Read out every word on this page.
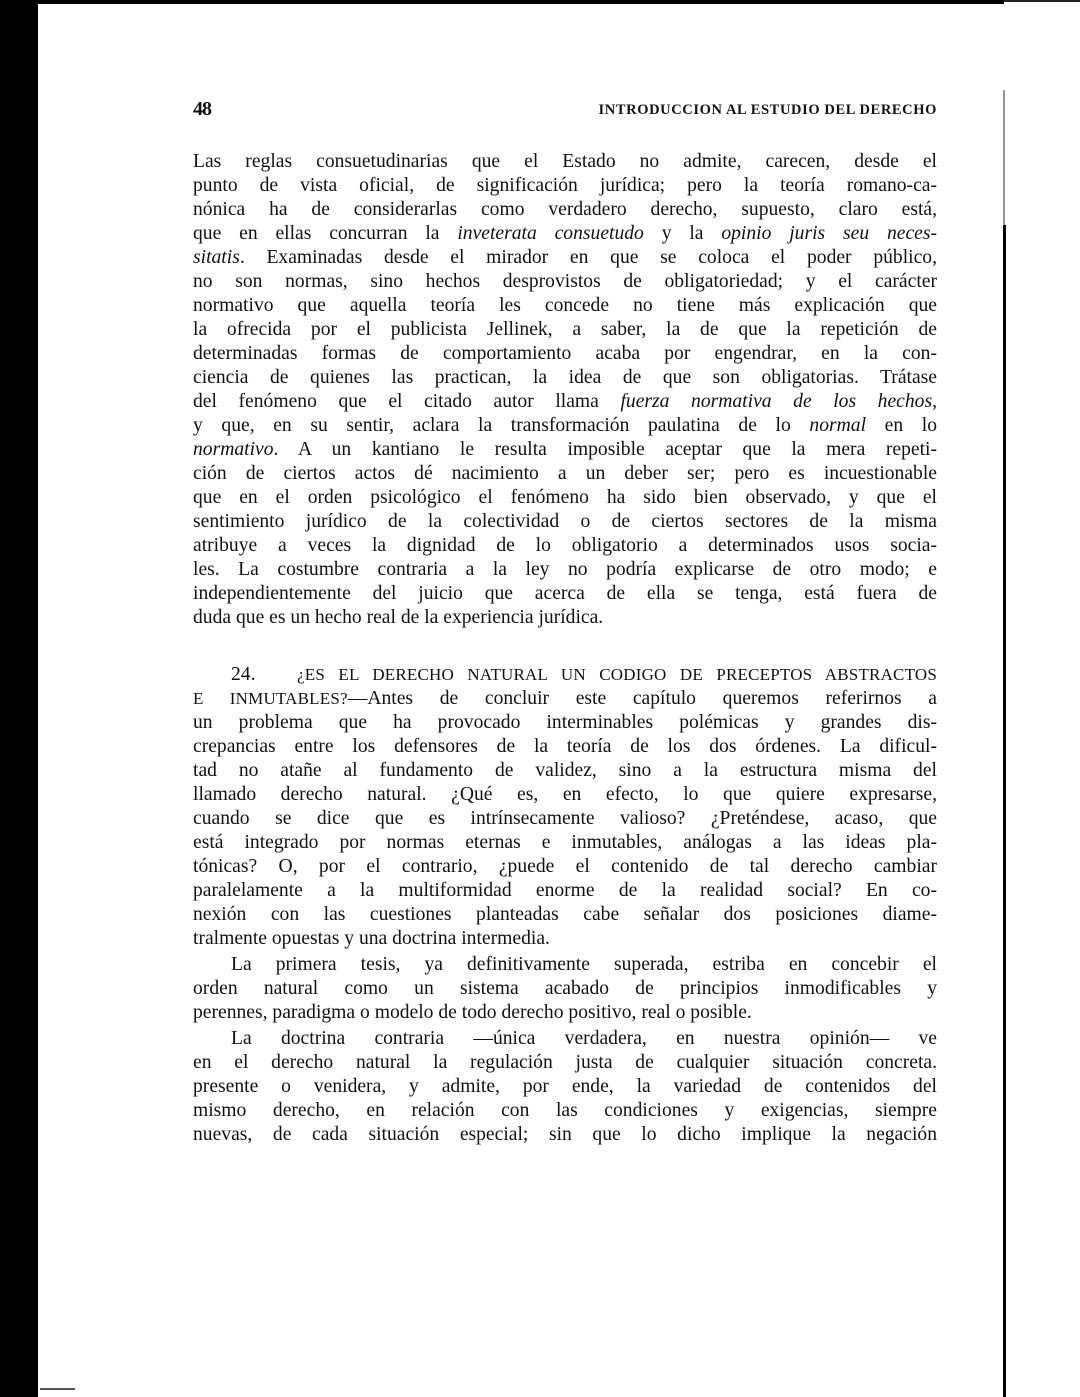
48	INTRODUCCION AL ESTUDIO DEL DERECHO
Las reglas consuetudinarias que el Estado no admite, carecen, desde el
punto de vista oficial, de significación jurídica; pero la teoría romano-ca-
nónica ha de considerarlas como verdadero derecho, supuesto, claro está,
que en ellas concurran la inveterata consuetudo y la opinio juris seu neces-
sitatis. Examinadas desde el mirador en que se coloca el poder público,
no son normas, sino hechos desprovistos de obligatoriedad; y el carácter
normativo que aquella teoría les concede no tiene más explicación que
la ofrecida por el publicista Jellinek, a saber, la de que la repetición de
determinadas formas de comportamiento acaba por engendrar, en la con-
ciencia de quienes las practican, la idea de que son obligatorias. Trátase
del fenómeno que el citado autor llama fuerza normativa de los hechos,
y que, en su sentir, aclara la transformación paulatina de lo normal en lo
normativo. A un kantiano le resulta imposible aceptar que la mera repeti-
ción de ciertos actos dé nacimiento a un deber ser; pero es incuestionable
que en el orden psicológico el fenómeno ha sido bien observado, y que el
sentimiento jurídico de la colectividad o de ciertos sectores de la misma
atribuye a veces la dignidad de lo obligatorio a determinados usos socia-
les. La costumbre contraria a la ley no podría explicarse de otro modo; e
independientemente del juicio que acerca de ella se tenga, está fuera de
duda que es un hecho real de la experiencia jurídica.
24. ¿ES EL DERECHO NATURAL UN CODIGO DE PRECEPTOS ABSTRACTOS
E INMUTABLES?—Antes de concluir este capítulo queremos referirnos a
un problema que ha provocado interminables polémicas y grandes dis-
crepancias entre los defensores de la teoría de los dos órdenes. La dificul-
tad no atañe al fundamento de validez, sino a la estructura misma del
llamado derecho natural. ¿Qué es, en efecto, lo que quiere expresarse,
cuando se dice que es intrínsecamente valioso? ¿Preténdese, acaso, que
está integrado por normas eternas e inmutables, análogas a las ideas pla-
tónicas? O, por el contrario, ¿puede el contenido de tal derecho cambiar
paralelamente a la multiformidad enorme de la realidad social? En co-
nexión con las cuestiones planteadas cabe señalar dos posiciones diame-
tralmente opuestas y una doctrina intermedia.
La primera tesis, ya definitivamente superada, estriba en concebir el
orden natural como un sistema acabado de principios inmodificables y
perennes, paradigma o modelo de todo derecho positivo, real o posible.
La doctrina contraria —única verdadera, en nuestra opinión— ve
en el derecho natural la regulación justa de cualquier situación concreta.
presente o venidera, y admite, por ende, la variedad de contenidos del
mismo derecho, en relación con las condiciones y exigencias, siempre
nuevas, de cada situación especial; sin que lo dicho implique la negación
